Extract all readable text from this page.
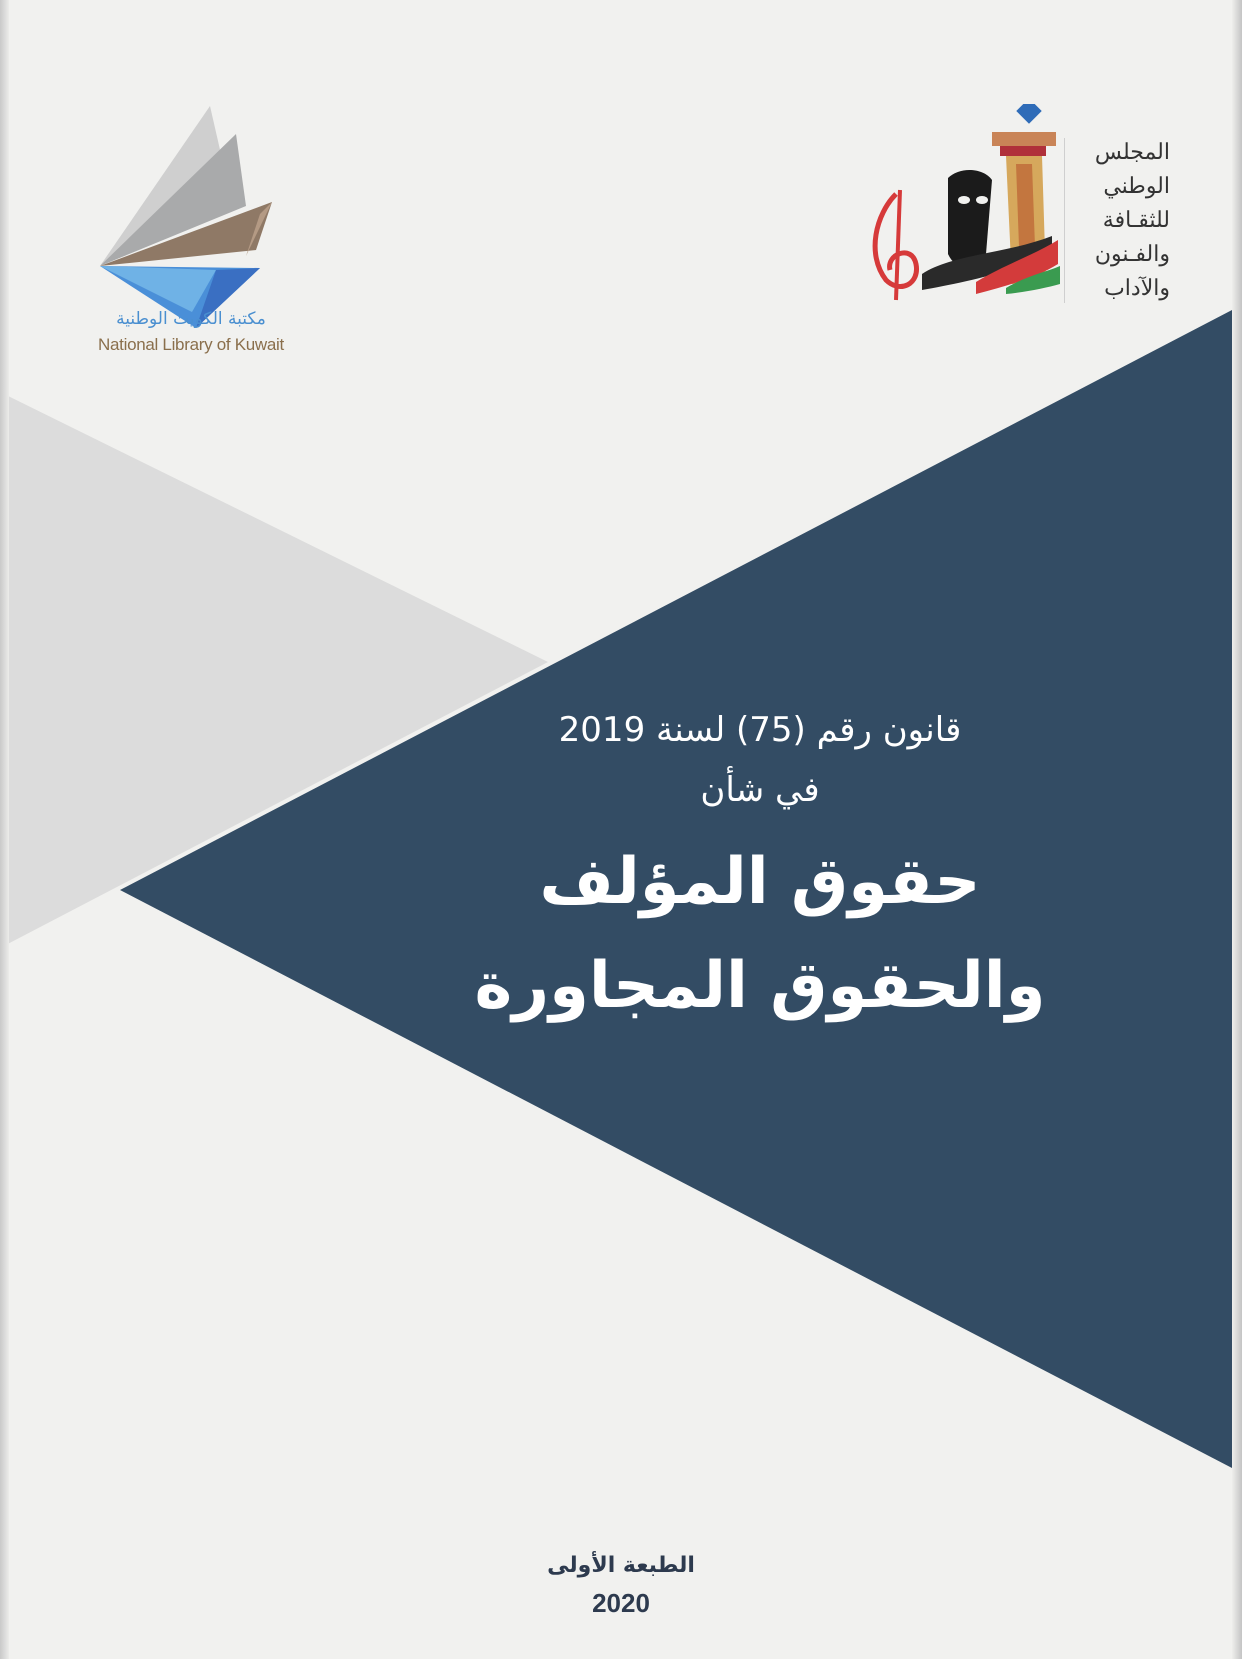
مكتبة الكويت الوطنية
National Library of Kuwait
المجلس
الوطني
للثقـافة
والفـنون
والآداب
قانون رقم (75) لسنة 2019
في شأن
حقوق المؤلف
والحقوق المجاورة
الطبعة الأولى
2020
